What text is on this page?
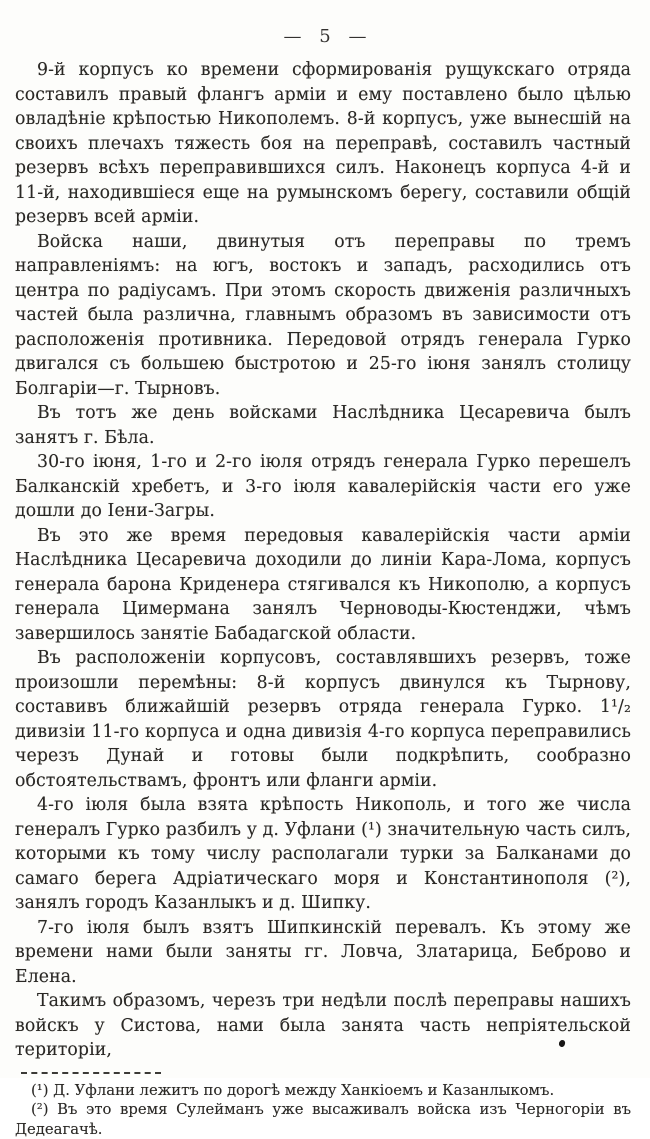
— 5 —

9-й корпусъ ко времени сформированія рущукскаго отряда составилъ правый флангъ арміи и ему поставлено было цѣлью овладѣніе крѣпостью Никополемъ. 8-й корпусъ, уже вынесшій на своихъ плечахъ тяжесть боя на переправѣ, составилъ частный резервъ всѣхъ переправившихся силъ. Наконецъ корпуса 4-й и 11-й, находившіеся еще на румынскомъ берегу, составили общій резервъ всей арміи.

Войска наши, двинутыя отъ переправы по тремъ направленіямъ: на югъ, востокъ и западъ, расходились отъ центра по радіусамъ. При этомъ скорость движенія различныхъ частей была различна, главнымъ образомъ въ зависимости отъ расположенія противника. Передовой отрядъ генерала Гурко двигался съ большею быстротою и 25-го іюня занялъ столицу Болгаріи—г. Тырновъ.

Въ тотъ же день войсками Наслѣдника Цесаревича былъ занятъ г. Бѣла.

30-го іюня, 1-го и 2-го іюля отрядъ генерала Гурко перешелъ Балканскій хребетъ, и 3-го іюля кавалерійскія части его уже дошли до Іени-Загры.

Въ это же время передовыя кавалерійскія части арміи Наслѣдника Цесаревича доходили до линіи Кара-Лома, корпусъ генерала барона Криденера стягивался къ Никополю, а корпусъ генерала Цимермана занялъ Черноводы-Кюстенджи, чѣмъ завершилось занятіе Бабадагской области.

Въ расположеніи корпусовъ, составлявшихъ резервъ, тоже произошли перемѣны: 8-й корпусъ двинулся къ Тырнову, составивъ ближайшій резервъ отряда генерала Гурко. 1¹/₂ дивизіи 11-го корпуса и одна дивизія 4-го корпуса переправились черезъ Дунай и готовы были подкрѣпить, сообразно обстоятельствамъ, фронтъ или фланги арміи.

4-го іюля была взята крѣпость Никополь, и того же числа генералъ Гурко разбилъ у д. Уфлани (¹) значительную часть силъ, которыми къ тому числу располагали турки за Балканами до самаго берега Адріатическаго моря и Константинополя (²), занялъ городъ Казанлыкъ и д. Шипку.

7-го іюля былъ взятъ Шипкинскій перевалъ. Къ этому же времени нами были заняты гг. Ловча, Златарица, Беброво и Елена.

Такимъ образомъ, черезъ три недѣли послѣ переправы нашихъ войскъ у Систова, нами была занята часть непріятельской територіи,

(¹) Д. Уфлани лежитъ по дорогѣ между Ханкіоемъ и Казанлыкомъ.

(²) Въ это время Сулейманъ уже высаживалъ войска изъ Черногоріи въ Дедеагачѣ.
